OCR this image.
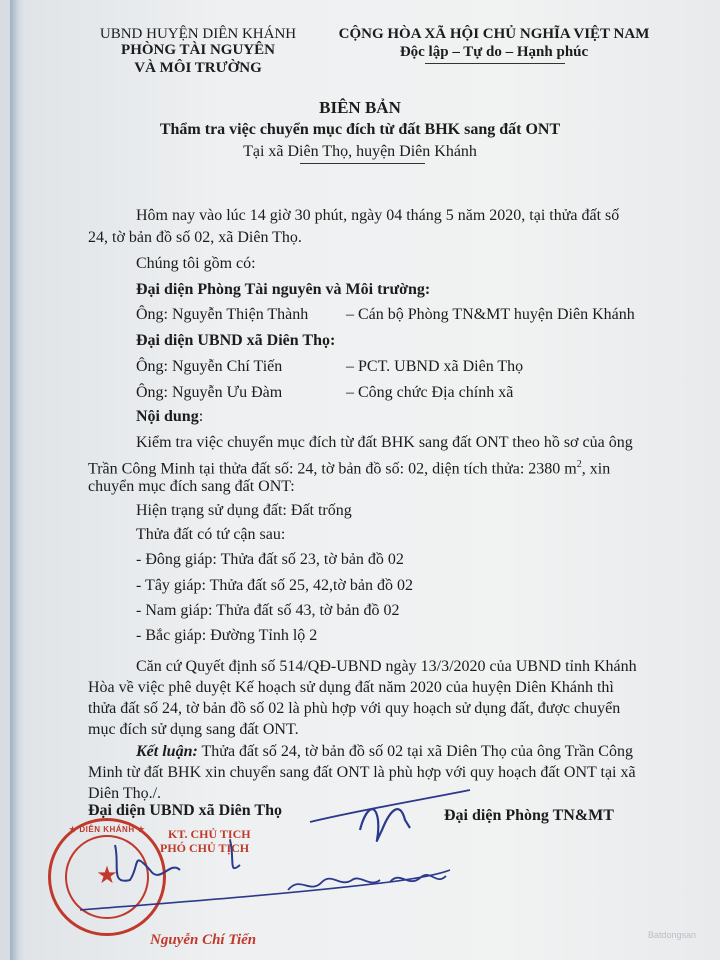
UBND HUYỆN DIÊN KHÁNH
PHÒNG TÀI NGUYÊN
VÀ MÔI TRƯỜNG
CỘNG HÒA XÃ HỘI CHỦ NGHĨA VIỆT NAM
Độc lập – Tự do – Hạnh phúc
BIÊN BẢN
Thẩm tra việc chuyển mục đích từ đất BHK sang đất ONT
Tại xã Diên Thọ, huyện Diên Khánh
Hôm nay vào lúc 14 giờ 30 phút, ngày 04 tháng 5 năm 2020, tại thửa đất số
24, tờ bản đồ số 02, xã Diên Thọ.
Chúng tôi gồm có:
Đại diện Phòng Tài nguyên và Môi trường:
Ông: Nguyễn Thiện Thành – Cán bộ Phòng TN&MT huyện Diên Khánh
Đại diện UBND xã Diên Thọ:
Ông: Nguyễn Chí Tiến	– PCT. UBND xã Diên Thọ
Ông: Nguyễn Ưu Đàm	– Công chức Địa chính xã
Nội dung:
Kiểm tra việc chuyển mục đích từ đất BHK sang đất ONT theo hồ sơ của ông
Trần Công Minh tại thửa đất số: 24, tờ bản đồ số: 02, diện tích thửa: 2380 $m^2$, xin
chuyển mục đích sang đất ONT:
Hiện trạng sử dụng đất: Đất trống
Thửa đất có tứ cận sau:
- Đông giáp: Thửa đất số 23, tờ bản đồ 02
- Tây giáp: Thửa đất số 25, 42,tờ bản đồ 02
- Nam giáp: Thửa đất số 43, tờ bản đồ 02
- Bắc giáp: Đường Tỉnh lộ 2
Căn cứ Quyết định số 514/QĐ-UBND ngày 13/3/2020 của UBND tỉnh Khánh
Hòa về việc phê duyệt Kế hoạch sử dụng đất năm 2020 của huyện Diên Khánh thì
thửa đất số 24, tờ bản đồ số 02 là phù hợp với quy hoạch sử dụng đất, được chuyển
mục đích sử dụng sang đất ONT.
Kết luận: Thửa đất số 24, tờ bản đồ số 02 tại xã Diên Thọ của ông Trần Công
Minh từ đất BHK xin chuyển sang đất ONT là phù hợp với quy hoạch đất ONT tại xã
Diên Thọ./.
Đại diện UBND xã Diên Thọ	Đại diện Phòng TN&MT
★ DIÊN KHÁNH ★
★
KT. CHỦ TỊCH
PHÓ CHỦ TỊCH
Nguyễn Chí Tiến	Batdongsan
